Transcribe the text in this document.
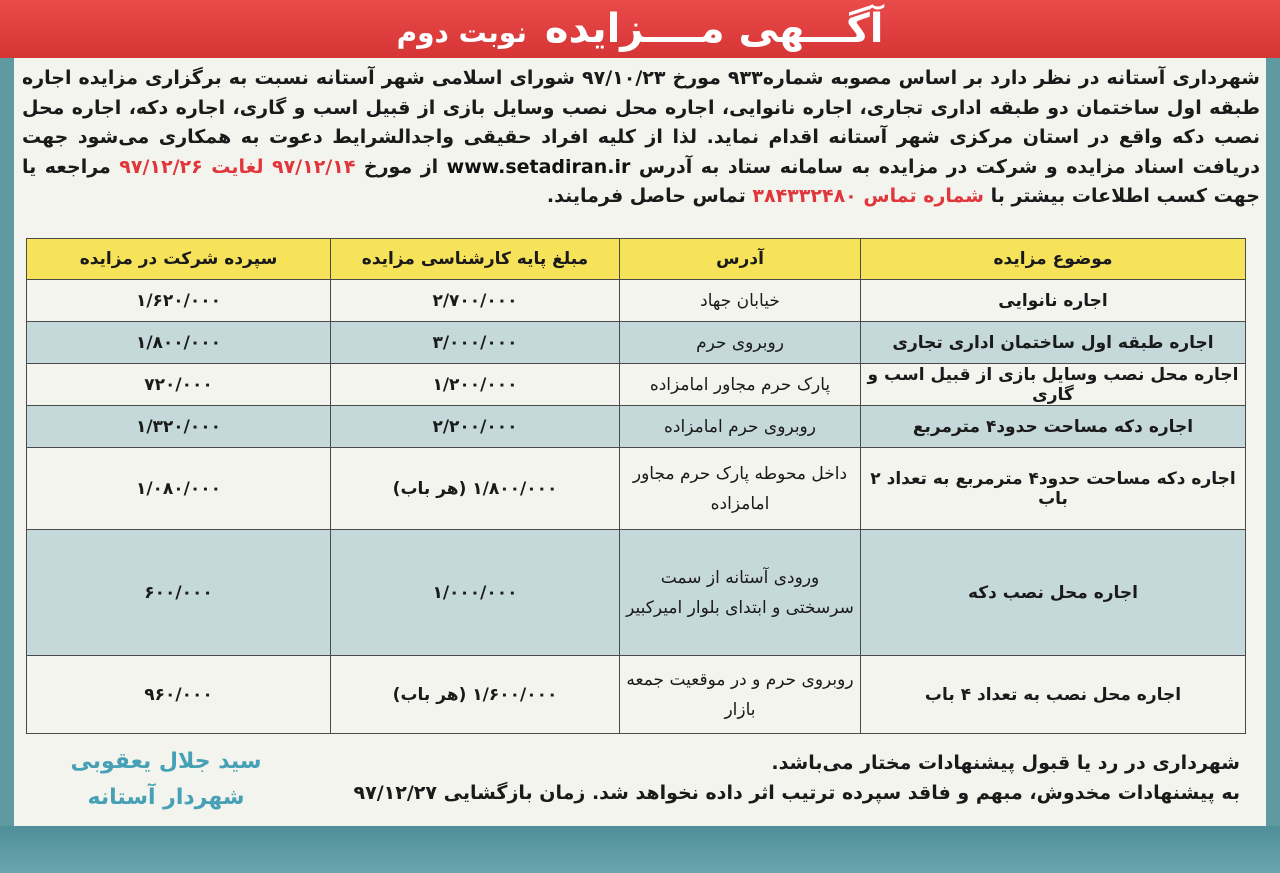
آگـــهی مــــزایده
نوبت دوم
شهرداری آستانه در نظر دارد بر اساس مصوبه شماره۹۳۳ مورخ ۹۷/۱۰/۲۳ شورای اسلامی شهر آستانه نسبت به برگزاری مزایده اجاره طبقه اول ساختمان دو طبقه اداری تجاری، اجاره نانوایی، اجاره محل نصب وسایل بازی از قبیل اسب و گاری، اجاره دکه، اجاره محل نصب دکه واقع در استان مرکزی شهر آستانه اقدام نماید. لذا از کلیه افراد حقیقی واجدالشرایط دعوت به همکاری می‌شود جهت دریافت اسناد مزایده و شرکت در مزایده به سامانه ستاد به آدرس www.setadiran.ir از مورخ ۹۷/۱۲/۱۴ لغایت ۹۷/۱۲/۲۶ مراجعه یا جهت کسب اطلاعات بیشتر با شماره تماس ۳۸۴۳۳۲۴۸۰ تماس حاصل فرمایند.
موضوع مزایده	آدرس	مبلغ پایه کارشناسی مزایده	سپرده شرکت در مزایده
اجاره نانوایی	خیابان جهاد	۲/۷۰۰/۰۰۰	۱/۶۲۰/۰۰۰
اجاره طبقه اول ساختمان اداری تجاری	روبروی حرم	۳/۰۰۰/۰۰۰	۱/۸۰۰/۰۰۰
اجاره محل نصب وسایل بازی از قبیل اسب و گاری	پارک حرم مجاور امامزاده	۱/۲۰۰/۰۰۰	۷۲۰/۰۰۰
اجاره دکه مساحت حدود۴ مترمربع	روبروی حرم امامزاده	۲/۲۰۰/۰۰۰	۱/۳۲۰/۰۰۰
اجاره دکه مساحت حدود۴ مترمربع به تعداد ۲ باب	داخل محوطه پارک حرم مجاور امامزاده	۱/۸۰۰/۰۰۰ (هر باب)	۱/۰۸۰/۰۰۰
اجاره محل نصب دکه	ورودی آستانه از سمت سرسختی و ابتدای بلوار امیرکبیر	۱/۰۰۰/۰۰۰	۶۰۰/۰۰۰
اجاره محل نصب به تعداد ۴ باب	روبروی حرم و در موقعیت جمعه بازار	۱/۶۰۰/۰۰۰ (هر باب)	۹۶۰/۰۰۰
شهرداری در رد یا قبول پیشنهادات مختار می‌باشد.
به پیشنهادات مخدوش، مبهم و فاقد سپرده ترتیب اثر داده نخواهد شد. زمان بازگشایی ۹۷/۱۲/۲۷
سید جلال یعقوبی
شهردار آستانه
